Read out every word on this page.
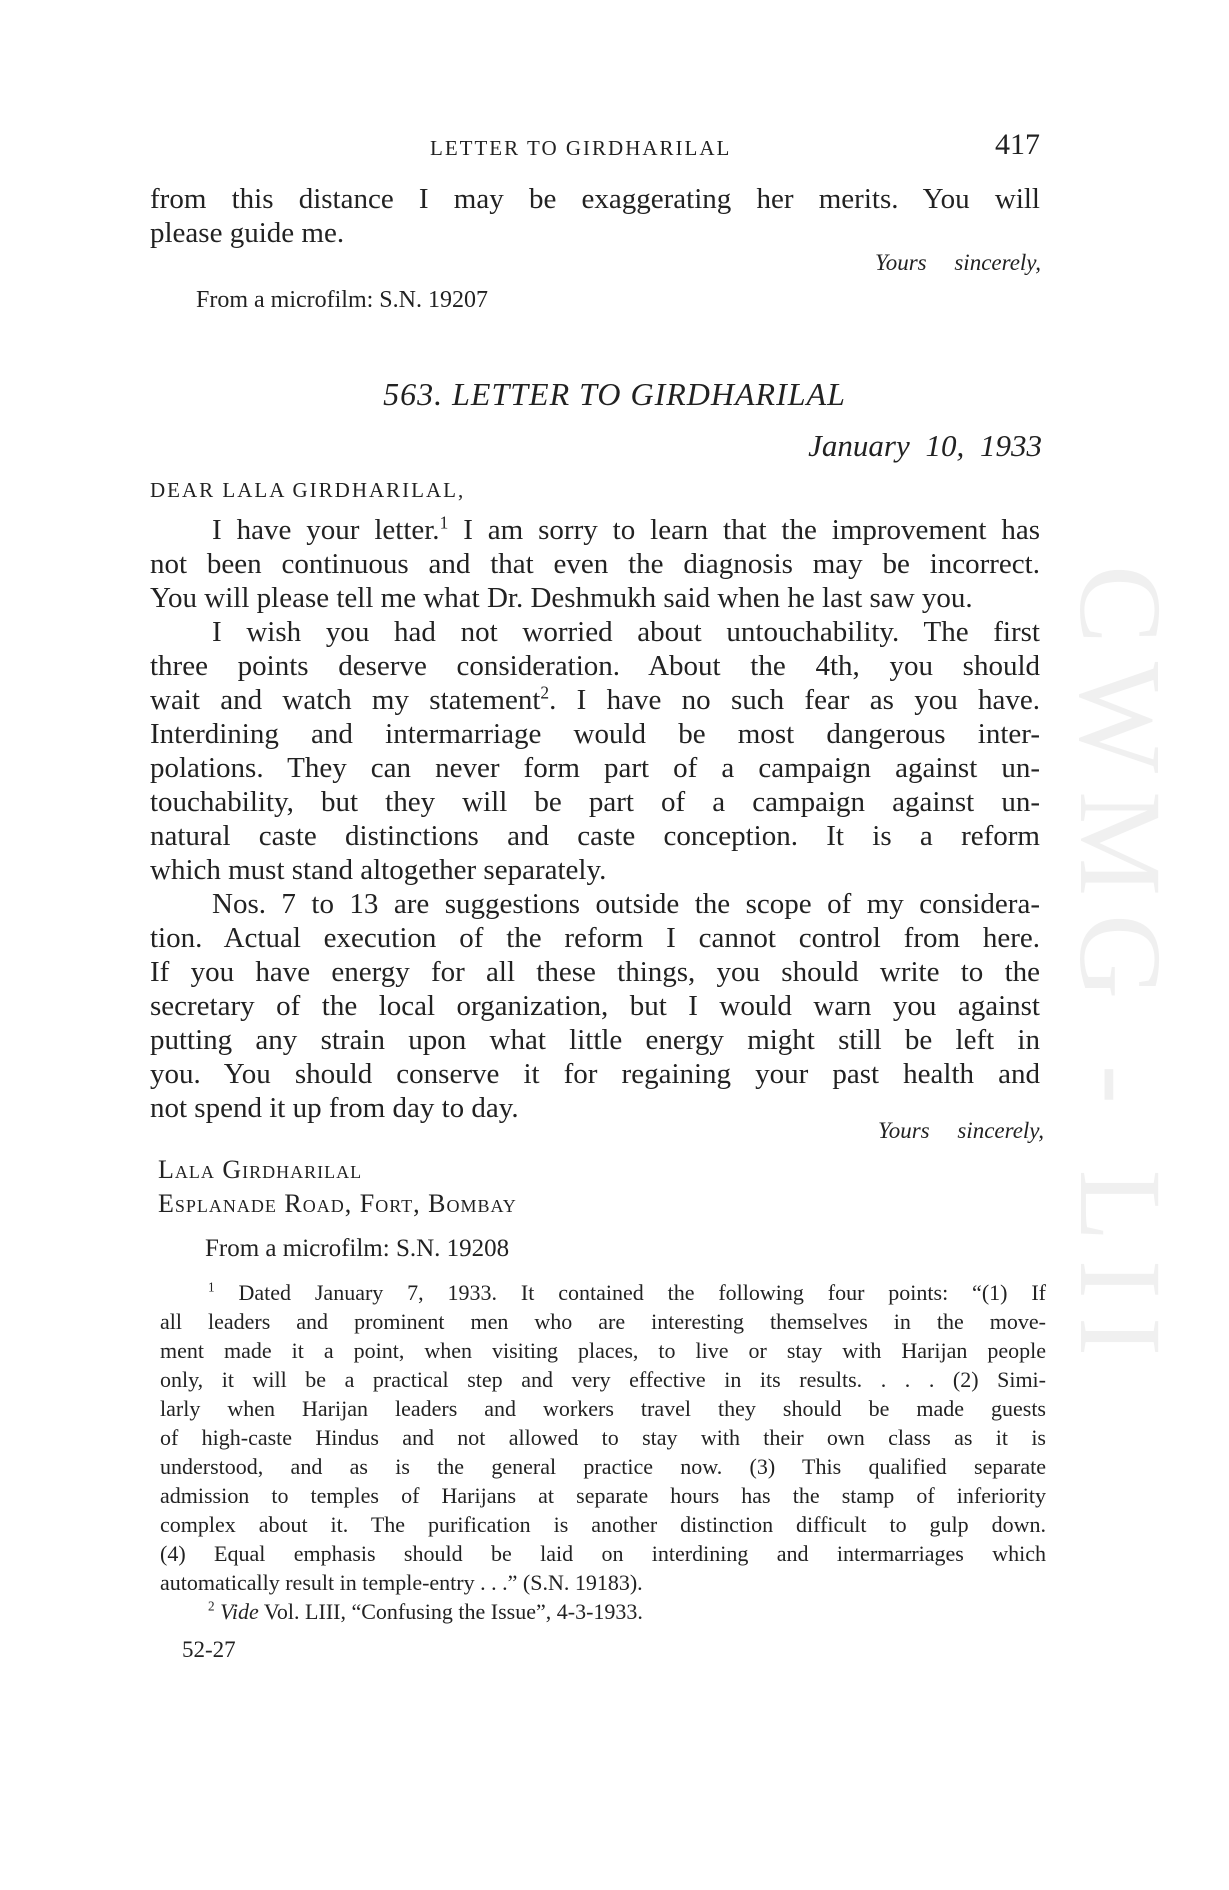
CWMG - LII
LETTER TO GIRDHARILAL	417
from this distance I may be exaggerating her merits. You will
please guide me.
Yours sincerely,
From a microfilm: S.N. 19207
563. LETTER TO GIRDHARILAL
January 10, 1933
DEAR LALA GIRDHARILAL,
I have your letter.$^1$ I am sorry to learn that the improvement has
not been continuous and that even the diagnosis may be incorrect.
You will please tell me what Dr. Deshmukh said when he last saw you.
I wish you had not worried about untouchability. The first
three points deserve consideration. About the 4th, you should
wait and watch my statement$^2$. I have no such fear as you have.
Interdining and intermarriage would be most dangerous inter-
polations. They can never form part of a campaign against un-
touchability, but they will be part of a campaign against un-
natural caste distinctions and caste conception. It is a reform
which must stand altogether separately.
Nos. 7 to 13 are suggestions outside the scope of my considera-
tion. Actual execution of the reform I cannot control from here.
If you have energy for all these things, you should write to the
secretary of the local organization, but I would warn you against
putting any strain upon what little energy might still be left in
you. You should conserve it for regaining your past health and
not spend it up from day to day.
Yours sincerely,
Lala Girdharilal
Esplanade Road, Fort, Bombay
From a microfilm: S.N. 19208
$^1$ Dated January 7, 1933. It contained the following four points: “(1) If
all leaders and prominent men who are interesting themselves in the move-
ment made it a point, when visiting places, to live or stay with Harijan people
only, it will be a practical step and very effective in its results. . . . (2) Simi-
larly when Harijan leaders and workers travel they should be made guests
of high-caste Hindus and not allowed to stay with their own class as it is
understood, and as is the general practice now. (3) This qualified separate
admission to temples of Harijans at separate hours has the stamp of inferiority
complex about it. The purification is another distinction difficult to gulp down.
(4) Equal emphasis should be laid on interdining and intermarriages which
automatically result in temple-entry . . .” (S.N. 19183).
$^2$ Vide Vol. LIII, “Confusing the Issue”, 4-3-1933.
52-27
